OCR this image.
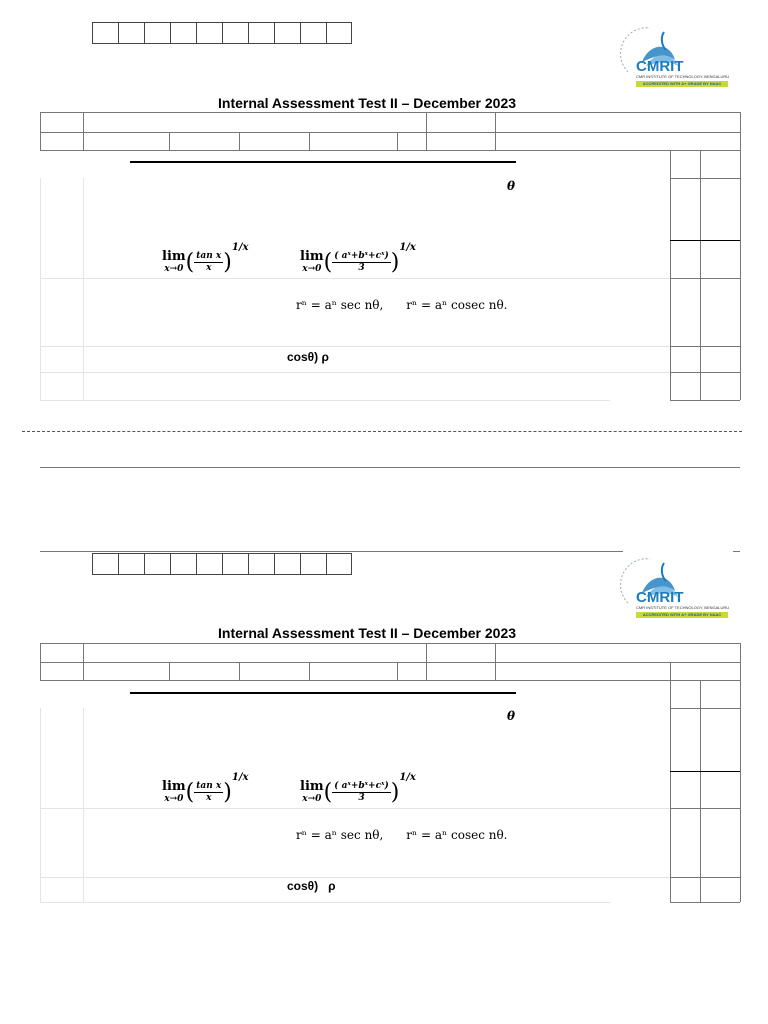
CMRIT
CMR INSTITUTE OF TECHNOLOGY, BENGALURU
ACCREDITED WITH A+ GRADE BY NAAC
Internal Assessment Test II – December 2023
θ
lim
x→0 ( $\frac{\text{tan x}}{x} )^{1/x}$
lim
x→0 ( $\frac{\text{( aˣ+bˣ+cˣ)}}{3} )^{1/x}$
rⁿ = aⁿ sec nθ,      rⁿ = aⁿ cosec nθ.
cosθ) ρ
CMRIT
CMR INSTITUTE OF TECHNOLOGY, BENGALURU
ACCREDITED WITH A+ GRADE BY NAAC
Internal Assessment Test II – December 2023
θ
lim
x→0 ( $\frac{\text{tan x}}{x} )^{1/x}$
lim
x→0 ( $\frac{\text{( aˣ+bˣ+cˣ)}}{3} )^{1/x}$
rⁿ = aⁿ sec nθ,      rⁿ = aⁿ cosec nθ.
cosθ)   ρ
